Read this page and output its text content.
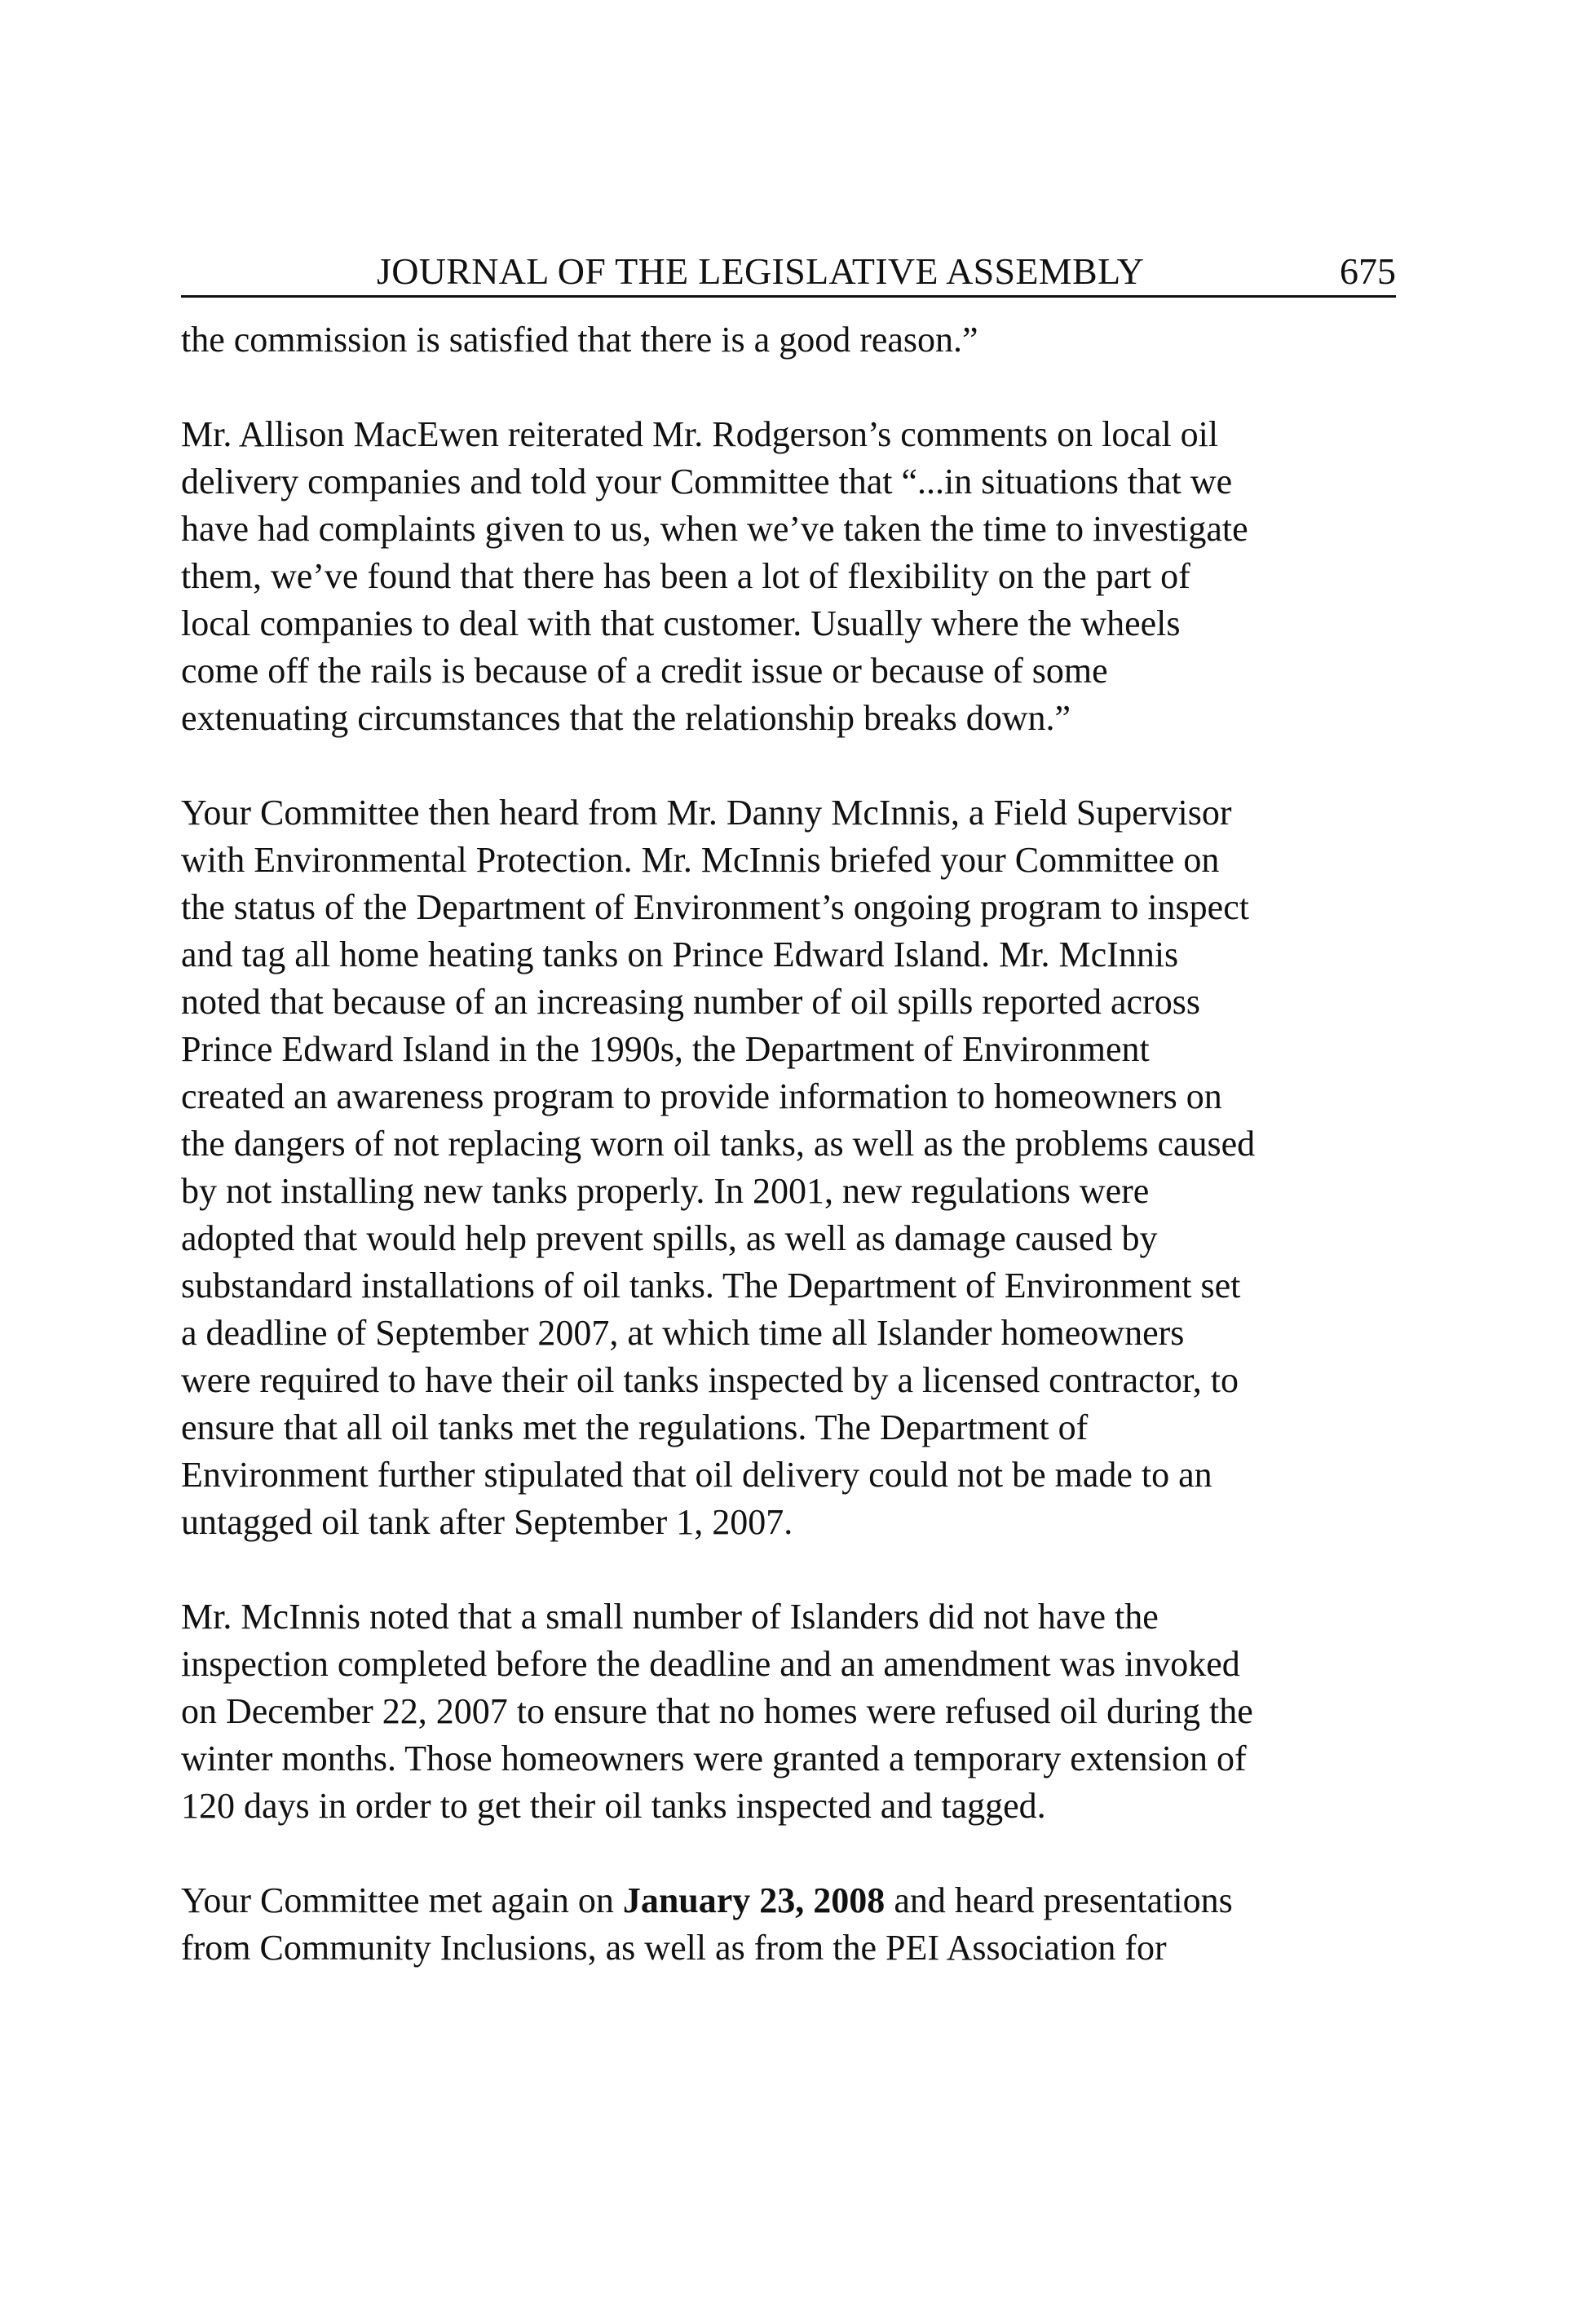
JOURNAL OF THE LEGISLATIVE ASSEMBLY	675

the commission is satisfied that there is a good reason.”

Mr. Allison MacEwen reiterated Mr. Rodgerson’s comments on local oil
delivery companies and told your Committee that “...in situations that we
have had complaints given to us, when we’ve taken the time to investigate
them, we’ve found that there has been a lot of flexibility on the part of
local companies to deal with that customer. Usually where the wheels
come off the rails is because of a credit issue or because of some
extenuating circumstances that the relationship breaks down.”

Your Committee then heard from Mr. Danny McInnis, a Field Supervisor
with Environmental Protection. Mr. McInnis briefed your Committee on
the status of the Department of Environment’s ongoing program to inspect
and tag all home heating tanks on Prince Edward Island. Mr. McInnis
noted that because of an increasing number of oil spills reported across
Prince Edward Island in the 1990s, the Department of Environment
created an awareness program to provide information to homeowners on
the dangers of not replacing worn oil tanks, as well as the problems caused
by not installing new tanks properly. In 2001, new regulations were
adopted that would help prevent spills, as well as damage caused by
substandard installations of oil tanks. The Department of Environment set
a deadline of September 2007, at which time all Islander homeowners
were required to have their oil tanks inspected by a licensed contractor, to
ensure that all oil tanks met the regulations. The Department of
Environment further stipulated that oil delivery could not be made to an
untagged oil tank after September 1, 2007.

Mr. McInnis noted that a small number of Islanders did not have the
inspection completed before the deadline and an amendment was invoked
on December 22, 2007 to ensure that no homes were refused oil during the
winter months. Those homeowners were granted a temporary extension of
120 days in order to get their oil tanks inspected and tagged.

Your Committee met again on January 23, 2008 and heard presentations
from Community Inclusions, as well as from the PEI Association for
